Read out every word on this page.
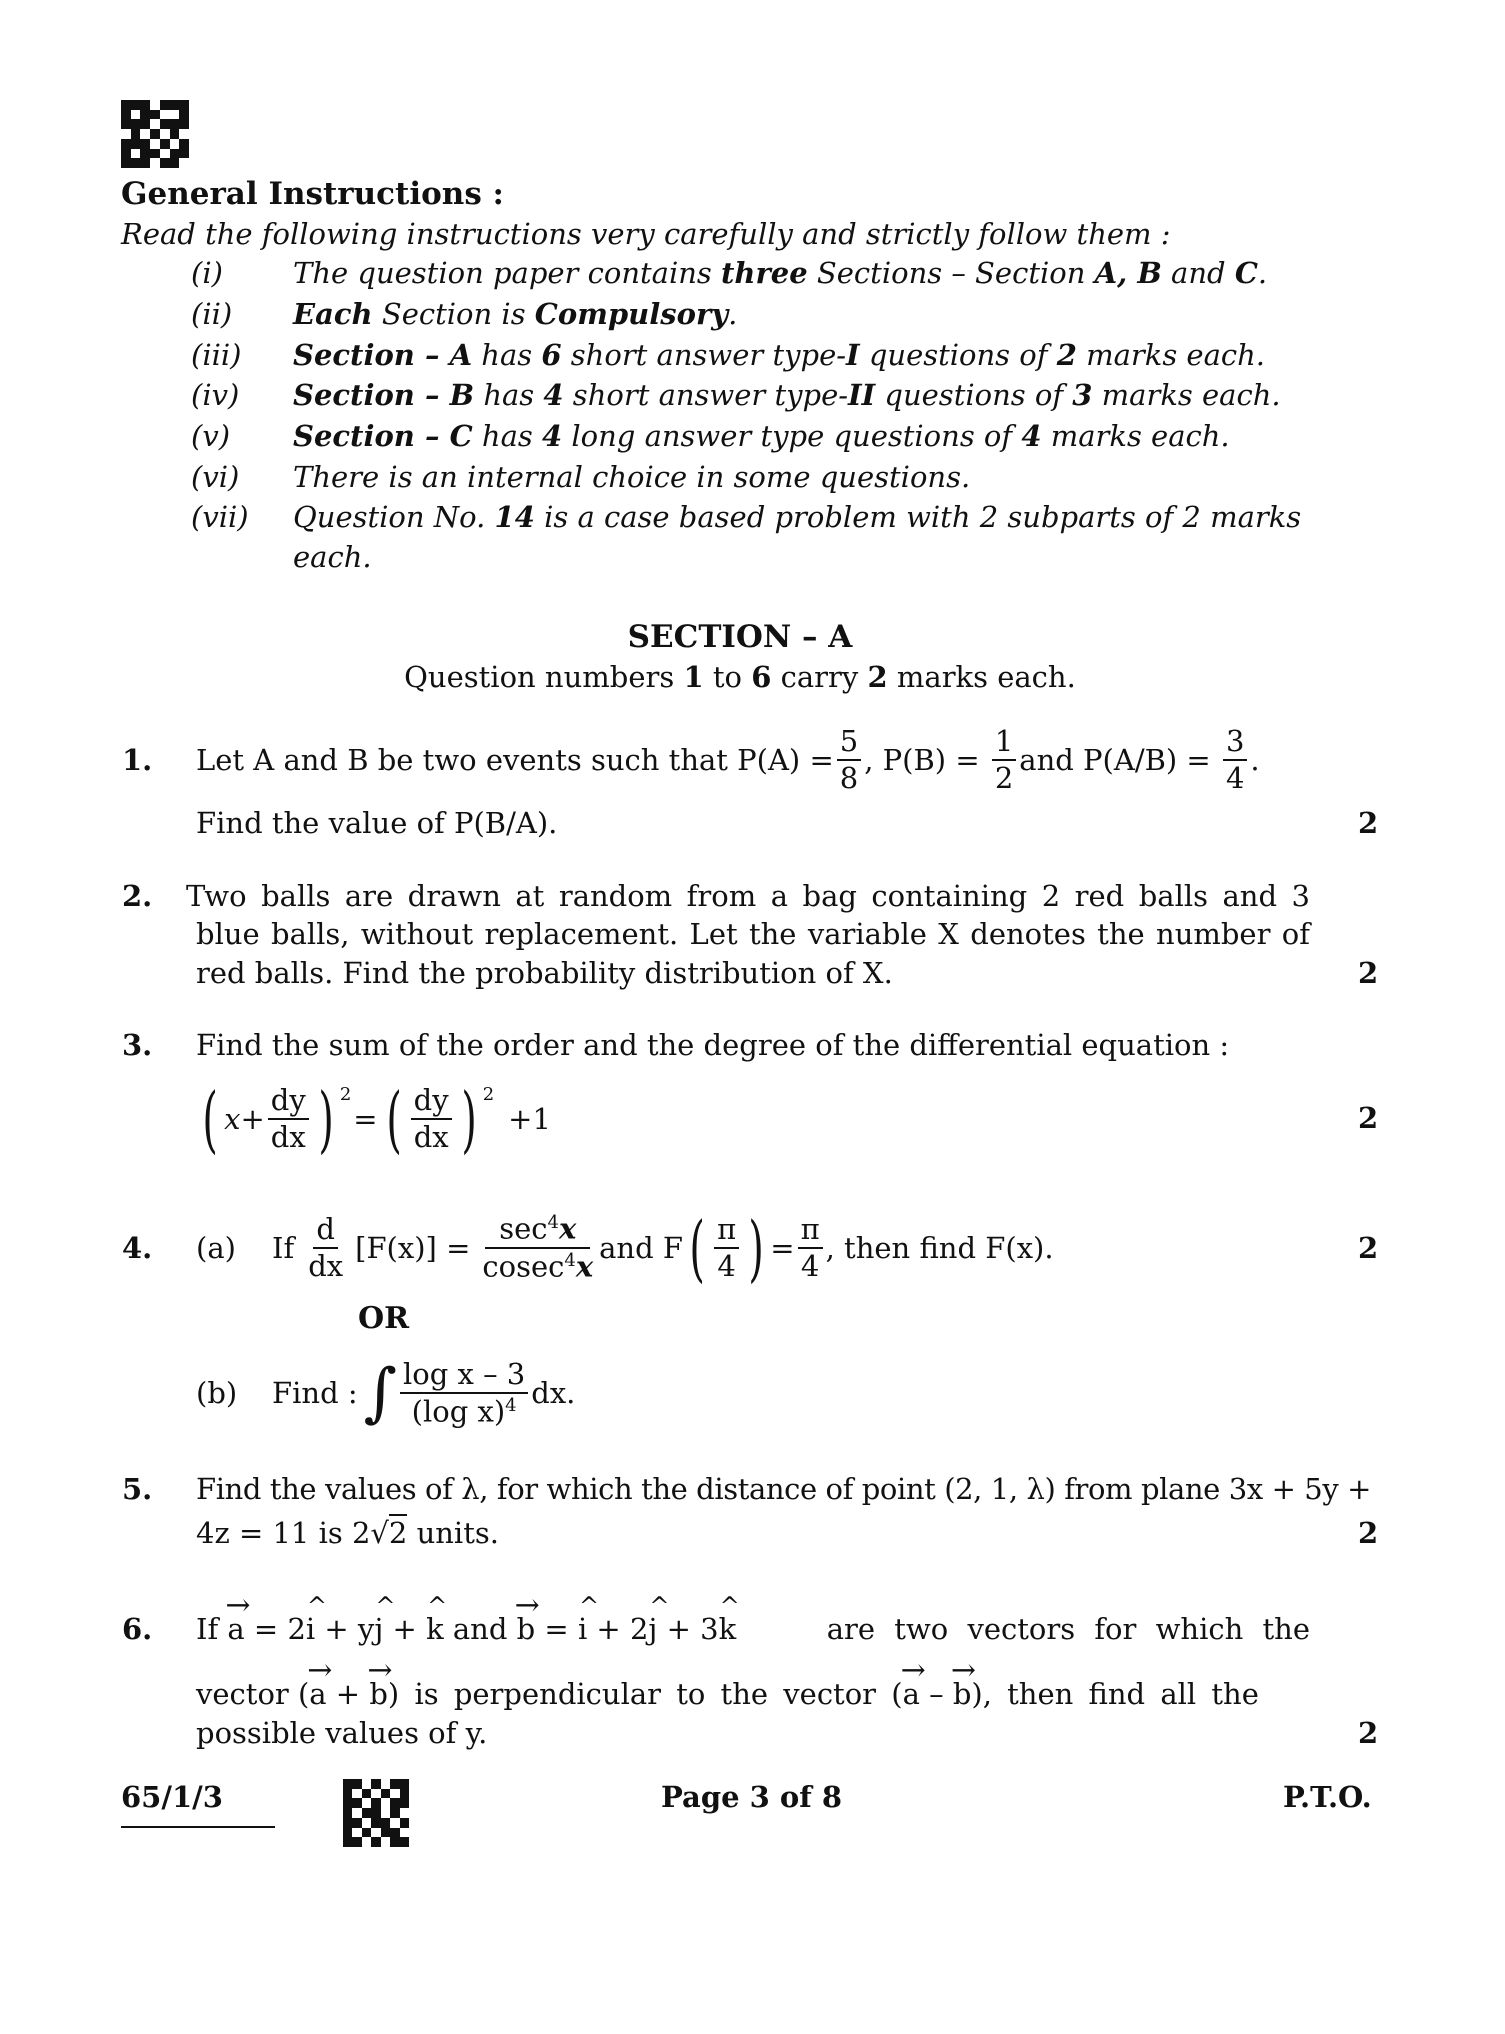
General Instructions :
Read the following instructions very carefully and strictly follow them :
(i) The question paper contains three Sections – Section A, B and C.
(ii) Each Section is Compulsory.
(iii) Section – A has 6 short answer type-I questions of 2 marks each.
(iv) Section – B has 4 short answer type-II questions of 3 marks each.
(v) Section – C has 4 long answer type questions of 4 marks each.
(vi) There is an internal choice in some questions.
(vii) Question No. 14 is a case based problem with 2 subparts of 2 marks
each.
SECTION – A
Question numbers 1 to 6 carry 2 marks each.
1. Let A and B be two events such that $P(A) = \frac{5}{8}$ , $P(B) = \frac{1}{2}$ and $P(A/B) = \frac{3}{4}$ .
Find the value of P(B/A).	2
2. Two balls are drawn at random from a bag containing 2 red balls and 3
blue balls, without replacement. Let the variable X denotes the number of
red balls. Find the probability distribution of X.	2
3. Find the sum of the order and the degree of the differential equation :
( $x + \frac{dy}{dx}$ ) 2
= ( $\frac{dy}{dx}$ ) 2
+1	2
4. (a) If $\frac{d}{dx} [F(x)] = \frac{\sec^4x}{cosec^4x}$ and F ( $\frac{\pi}{4}$ ) = $\frac{\pi}{4}$ , then find F(x).	2
OR
(b) Find : ∫ $\frac{\text{log x – 3}}{(\log x)^4}$ dx.
5. Find the values of λ, for which the distance of point (2, 1, λ) from plane 3x + 5y +
4z = 11 is 2√2 units.	2
6. If → a = 2^ i + y^ j + ^ k and → b = ^ i + 2^ j + 3^ k are two vectors for which the
vector (→ a + → b) is perpendicular to the vector (→ a – → b), then find all the
possible values of y.	2
65/1/3	Page 3 of 8	P.T.O.
